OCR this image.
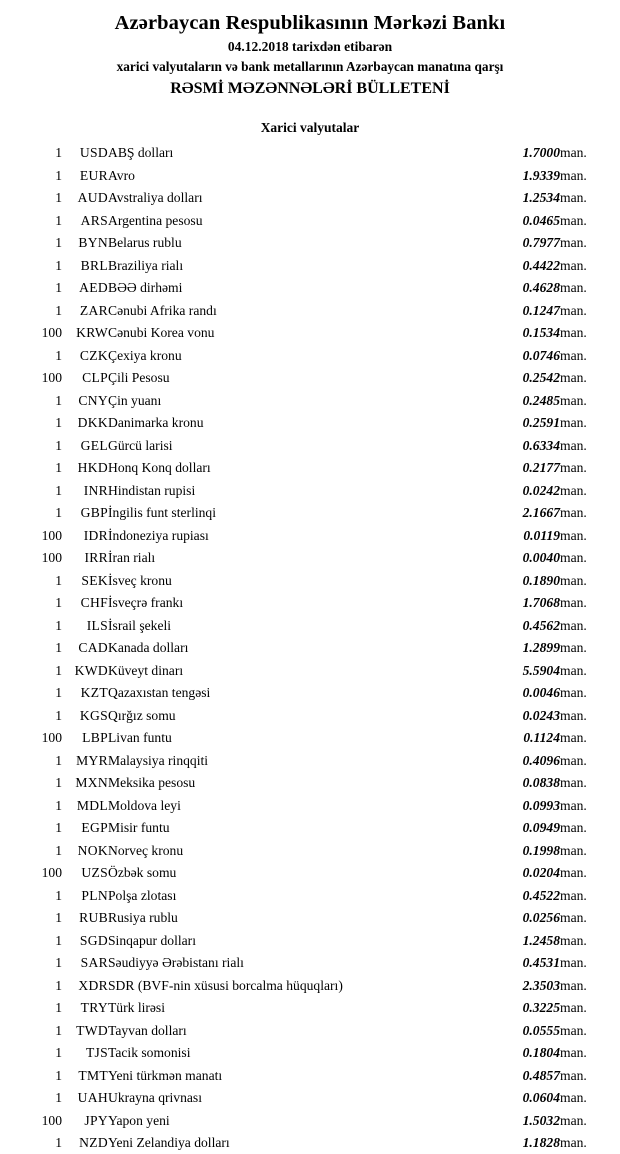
Azərbaycan Respublikasının Mərkəzi Bankı
04.12.2018 tarixdən etibarən
xarici valyutaların və bank metallarının Azərbaycan manatına qarşı
RƏSMİ MƏZƏNNƏLƏRİ BÜLLETENİ
Xarici valyutalar
1	USD	ABŞ dolları	1.7000	man.
1	EUR	Avro	1.9339	man.
1	AUD	Avstraliya dolları	1.2534	man.
1	ARS	Argentina pesosu	0.0465	man.
1	BYN	Belarus rublu	0.7977	man.
1	BRL	Braziliya rialı	0.4422	man.
1	AED	BƏƏ dirhəmi	0.4628	man.
1	ZAR	Cənubi Afrika randı	0.1247	man.
100	KRW	Cənubi Korea vonu	0.1534	man.
1	CZK	Çexiya kronu	0.0746	man.
100	CLP	Çili Pesosu	0.2542	man.
1	CNY	Çin yuanı	0.2485	man.
1	DKK	Danimarka kronu	0.2591	man.
1	GEL	Gürcü larisi	0.6334	man.
1	HKD	Honq Konq dolları	0.2177	man.
1	INR	Hindistan rupisi	0.0242	man.
1	GBP	İngilis funt sterlinqi	2.1667	man.
100	IDR	İndoneziya rupiası	0.0119	man.
100	IRR	İran rialı	0.0040	man.
1	SEK	İsveç kronu	0.1890	man.
1	CHF	İsveçrə frankı	1.7068	man.
1	ILS	İsrail şekeli	0.4562	man.
1	CAD	Kanada dolları	1.2899	man.
1	KWD	Küveyt dinarı	5.5904	man.
1	KZT	Qazaxıstan tengəsi	0.0046	man.
1	KGS	Qırğız somu	0.0243	man.
100	LBP	Livan funtu	0.1124	man.
1	MYR	Malaysiya rinqqiti	0.4096	man.
1	MXN	Meksika pesosu	0.0838	man.
1	MDL	Moldova leyi	0.0993	man.
1	EGP	Misir funtu	0.0949	man.
1	NOK	Norveç kronu	0.1998	man.
100	UZS	Özbək somu	0.0204	man.
1	PLN	Polşa zlotası	0.4522	man.
1	RUB	Rusiya rublu	0.0256	man.
1	SGD	Sinqapur dolları	1.2458	man.
1	SAR	Səudiyyə Ərəbistanı rialı	0.4531	man.
1	XDR	SDR (BVF-nin xüsusi borcalma hüquqları)	2.3503	man.
1	TRY	Türk lirəsi	0.3225	man.
1	TWD	Tayvan dolları	0.0555	man.
1	TJS	Tacik somonisi	0.1804	man.
1	TMT	Yeni türkmən manatı	0.4857	man.
1	UAH	Ukrayna qrivnası	0.0604	man.
100	JPY	Yapon yeni	1.5032	man.
1	NZD	Yeni Zelandiya dolları	1.1828	man.
